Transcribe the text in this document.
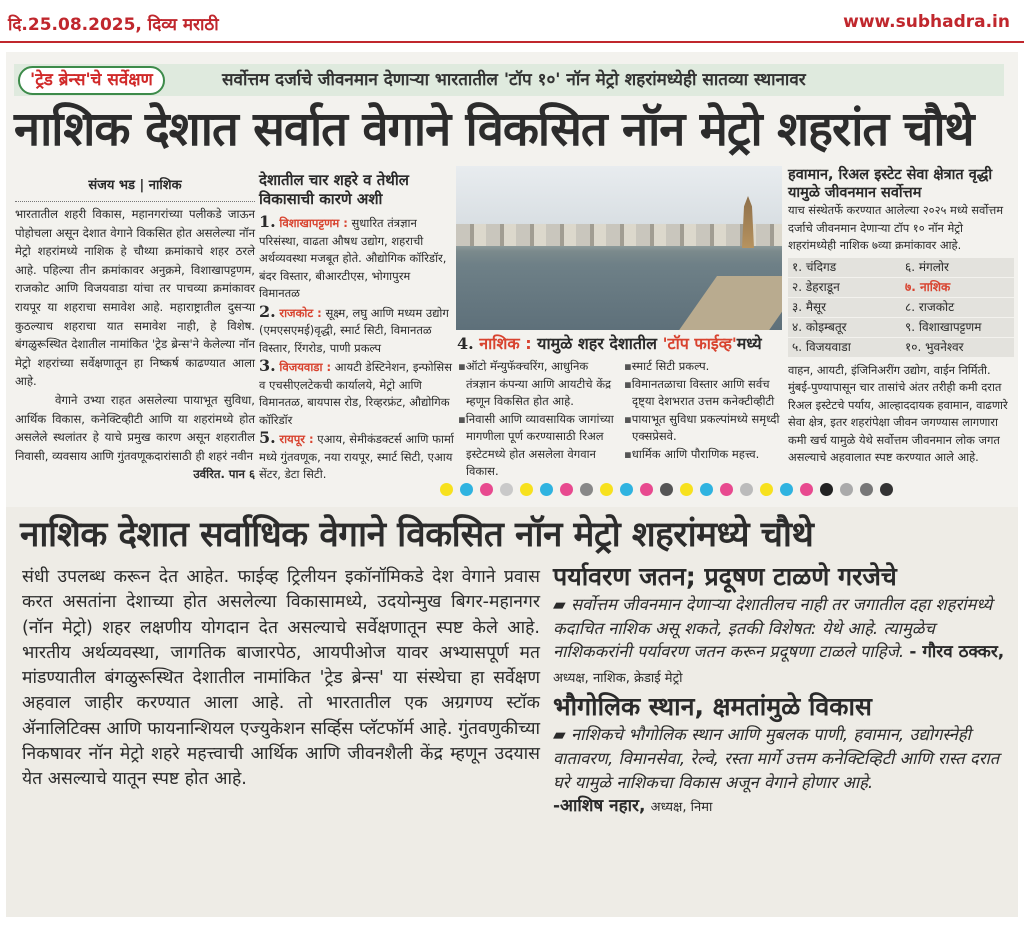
दि.25.08.2025, दिव्य मराठी	www.subhadra.in
'ट्रेड ब्रेन्स'चे सर्वेक्षण	सर्वोत्तम दर्जाचे जीवनमान देणाऱ्या भारतातील 'टॉप १०' नॉन मेट्रो शहरांमध्येही सातव्या स्थानावर
नाशिक देशात सर्वात वेगाने विकसित नॉन मेट्रो शहरांत चौथे
संजय भड | नाशिक

भारतातील शहरी विकास, महानगरांच्या पलीकडे जाऊन पोहोचला असून देशात वेगाने विकसित होत असलेल्या नॉन मेट्रो शहरांमध्ये नाशिक हे चौथ्या क्रमांकाचे शहर ठरले आहे. पहिल्या तीन क्रमांकावर अनुक्रमे, विशाखापट्टणम, राजकोट आणि विजयवाडा यांचा तर पाचव्या क्रमांकावर रायपूर या शहराचा समावेश आहे. महाराष्ट्रातील दुसऱ्या कुठल्याच शहराचा यात समावेश नाही, हे विशेष. बंगळुरूस्थित देशातील नामांकित 'ट्रेड ब्रेन्स'ने केलेल्या नॉन मेट्रो शहरांच्या सर्वेक्षणातून हा निष्कर्ष काढण्यात आला आहे.

वेगाने उभ्या राहत असलेल्या पायाभूत सुविधा, आर्थिक विकास, कनेक्टिव्हीटी आणि या शहरांमध्ये होत असलेले स्थलांतर हे याचे प्रमुख कारण असून शहरातील निवासी, व्यवसाय आणि गुंतवणूकदारांसाठी ही शहरं नवीन
उर्वरित. पान ६

देशातील चार शहरे व तेथील विकासाची कारणे अशी
1. विशाखापट्टणम : सुधारित तंत्रज्ञान परिसंस्था, वाढता औषध उद्योग, शहराची अर्थव्यवस्था मजबूत होते. औद्योगिक कॉरिडॉर, बंदर विस्तार, बीआरटीएस, भोगापुरम विमानतळ
2. राजकोट : सूक्ष्म, लघु आणि मध्यम उद्योग (एमएसएमई)वृद्धी, स्मार्ट सिटी, विमानतळ विस्तार, रिंगरोड, पाणी प्रकल्प
3. विजयवाडा : आयटी डेस्टिनेशन, इन्फोसिस व एचसीएलटेकची कार्यालये, मेट्रो आणि विमानतळ, बायपास रोड, रिव्हरफ्रंट, औद्योगिक कॉरिडॉर
5. रायपूर : एआय, सेमीकंडक्टर्स आणि फार्मा मध्ये गुंतवणूक, नया रायपूर, स्मार्ट सिटी, एआय सेंटर, डेटा सिटी.
4. नाशिक : यामुळे शहर देशातील 'टॉप फाईव्ह'मध्ये
▪ ऑटो मॅन्युफॅक्चरिंग, आधुनिक तंत्रज्ञान कंपन्या आणि आयटीचे केंद्र म्हणून विकसित होत आहे.
▪ निवासी आणि व्यावसायिक जागांच्या मागणीला पूर्ण करण्यासाठी रिअल इस्टेटमध्ये होत असलेला वेगवान विकास.
▪ स्मार्ट सिटी प्रकल्प.
▪ विमानतळाचा विस्तार आणि सर्वच दृष्ट्या देशभरात उत्तम कनेक्टीव्हीटी
▪ पायाभूत सुविधा प्रकल्पांमध्ये समृध्दी एक्सप्रेसवे.
▪ धार्मिक आणि पौराणिक महत्त्व.
हवामान, रिअल इस्टेट सेवा क्षेत्रात वृद्धी यामुळे जीवनमान सर्वोत्तम

याच संस्थेतर्फे करण्यात आलेल्या २०२५ मध्ये सर्वोत्तम दर्जाचे जीवनमान देणाऱ्या टॉप १० नॉन मेट्रो शहरांमध्येही नाशिक ७व्या क्रमांकावर आहे.

१. चंदिगड	६. मंगलोर
२. डेहराडून	७. नाशिक
३. मैसूर	८. राजकोट
४. कोइम्बतूर	९. विशाखापट्टणम
५. विजयवाडा	१०. भुवनेश्वर

वाहन, आयटी, इंजिनिअरींग उद्योग, वाईन निर्मिती. मुंबई-पुण्यापासून चार तासांचे अंतर तरीही कमी दरात रिअल इस्टेटचे पर्याय, आल्हाददायक हवामान, वाढणारे सेवा क्षेत्र, इतर शहरांपेक्षा जीवन जगण्यास लागणारा कमी खर्च यामुळे येथे सर्वोत्तम जीवनमान लोक जगत असल्याचे अहवालात स्पष्ट करण्यात आले आहे.

नाशिक देशात सर्वाधिक वेगाने विकसित नॉन मेट्रो शहरांमध्ये चौथे
संधी उपलब्ध करून देत आहेत. फाईव्ह ट्रिलीयन इकॉनॉमिकडे देश वेगाने प्रवास करत असतांना देशाच्या होत असलेल्या विकासामध्ये, उदयोन्मुख बिगर-महानगर (नॉन मेट्रो) शहर लक्षणीय योगदान देत असल्याचे सर्वेक्षणातून स्पष्ट केले आहे. भारतीय अर्थव्यवस्था, जागतिक बाजारपेठ, आयपीओज यावर अभ्यासपूर्ण मत मांडण्यातील बंगळुरूस्थित देशातील नामांकित 'ट्रेड ब्रेन्स' या संस्थेचा हा सर्वेक्षण अहवाल जाहीर करण्यात आला आहे. तो भारतातील एक अग्रगण्य स्टॉक ॲनालिटिक्स आणि फायनान्शियल एज्युकेशन सर्व्हिस प्लॅटफॉर्म आहे. गुंतवणुकीच्या निकषावर नॉन मेट्रो शहरे महत्त्वाची आर्थिक आणि जीवनशैली केंद्र म्हणून उदयास येत असल्याचे यातून स्पष्ट होत आहे.
पर्यावरण जतन; प्रदूषण टाळणे गरजेचे

▰ सर्वोत्तम जीवनमान देणाऱ्या देशातीलच नाही तर जगातील दहा शहरांमध्ये कदाचित नाशिक असू शकते, इतकी विशेषत: येथे आहे. त्यामुळेच नाशिककरांनी पर्यावरण जतन करून प्रदूषणा टाळले पाहिजे. - गौरव ठक्कर, अध्यक्ष, नाशिक, क्रेडाई मेट्रो

भौगोलिक स्थान, क्षमतांमुळे विकास

▰ नाशिकचे भौगोलिक स्थान आणि मुबलक पाणी, हवामान, उद्योगस्नेही वातावरण, विमानसेवा, रेल्वे, रस्ता मार्गे उत्तम कनेक्टिव्हिटी आणि रास्त दरात घरे यामुळे नाशिकचा विकास अजून वेगाने होणार आहे.
-आशिष नहार, अध्यक्ष, निमा
